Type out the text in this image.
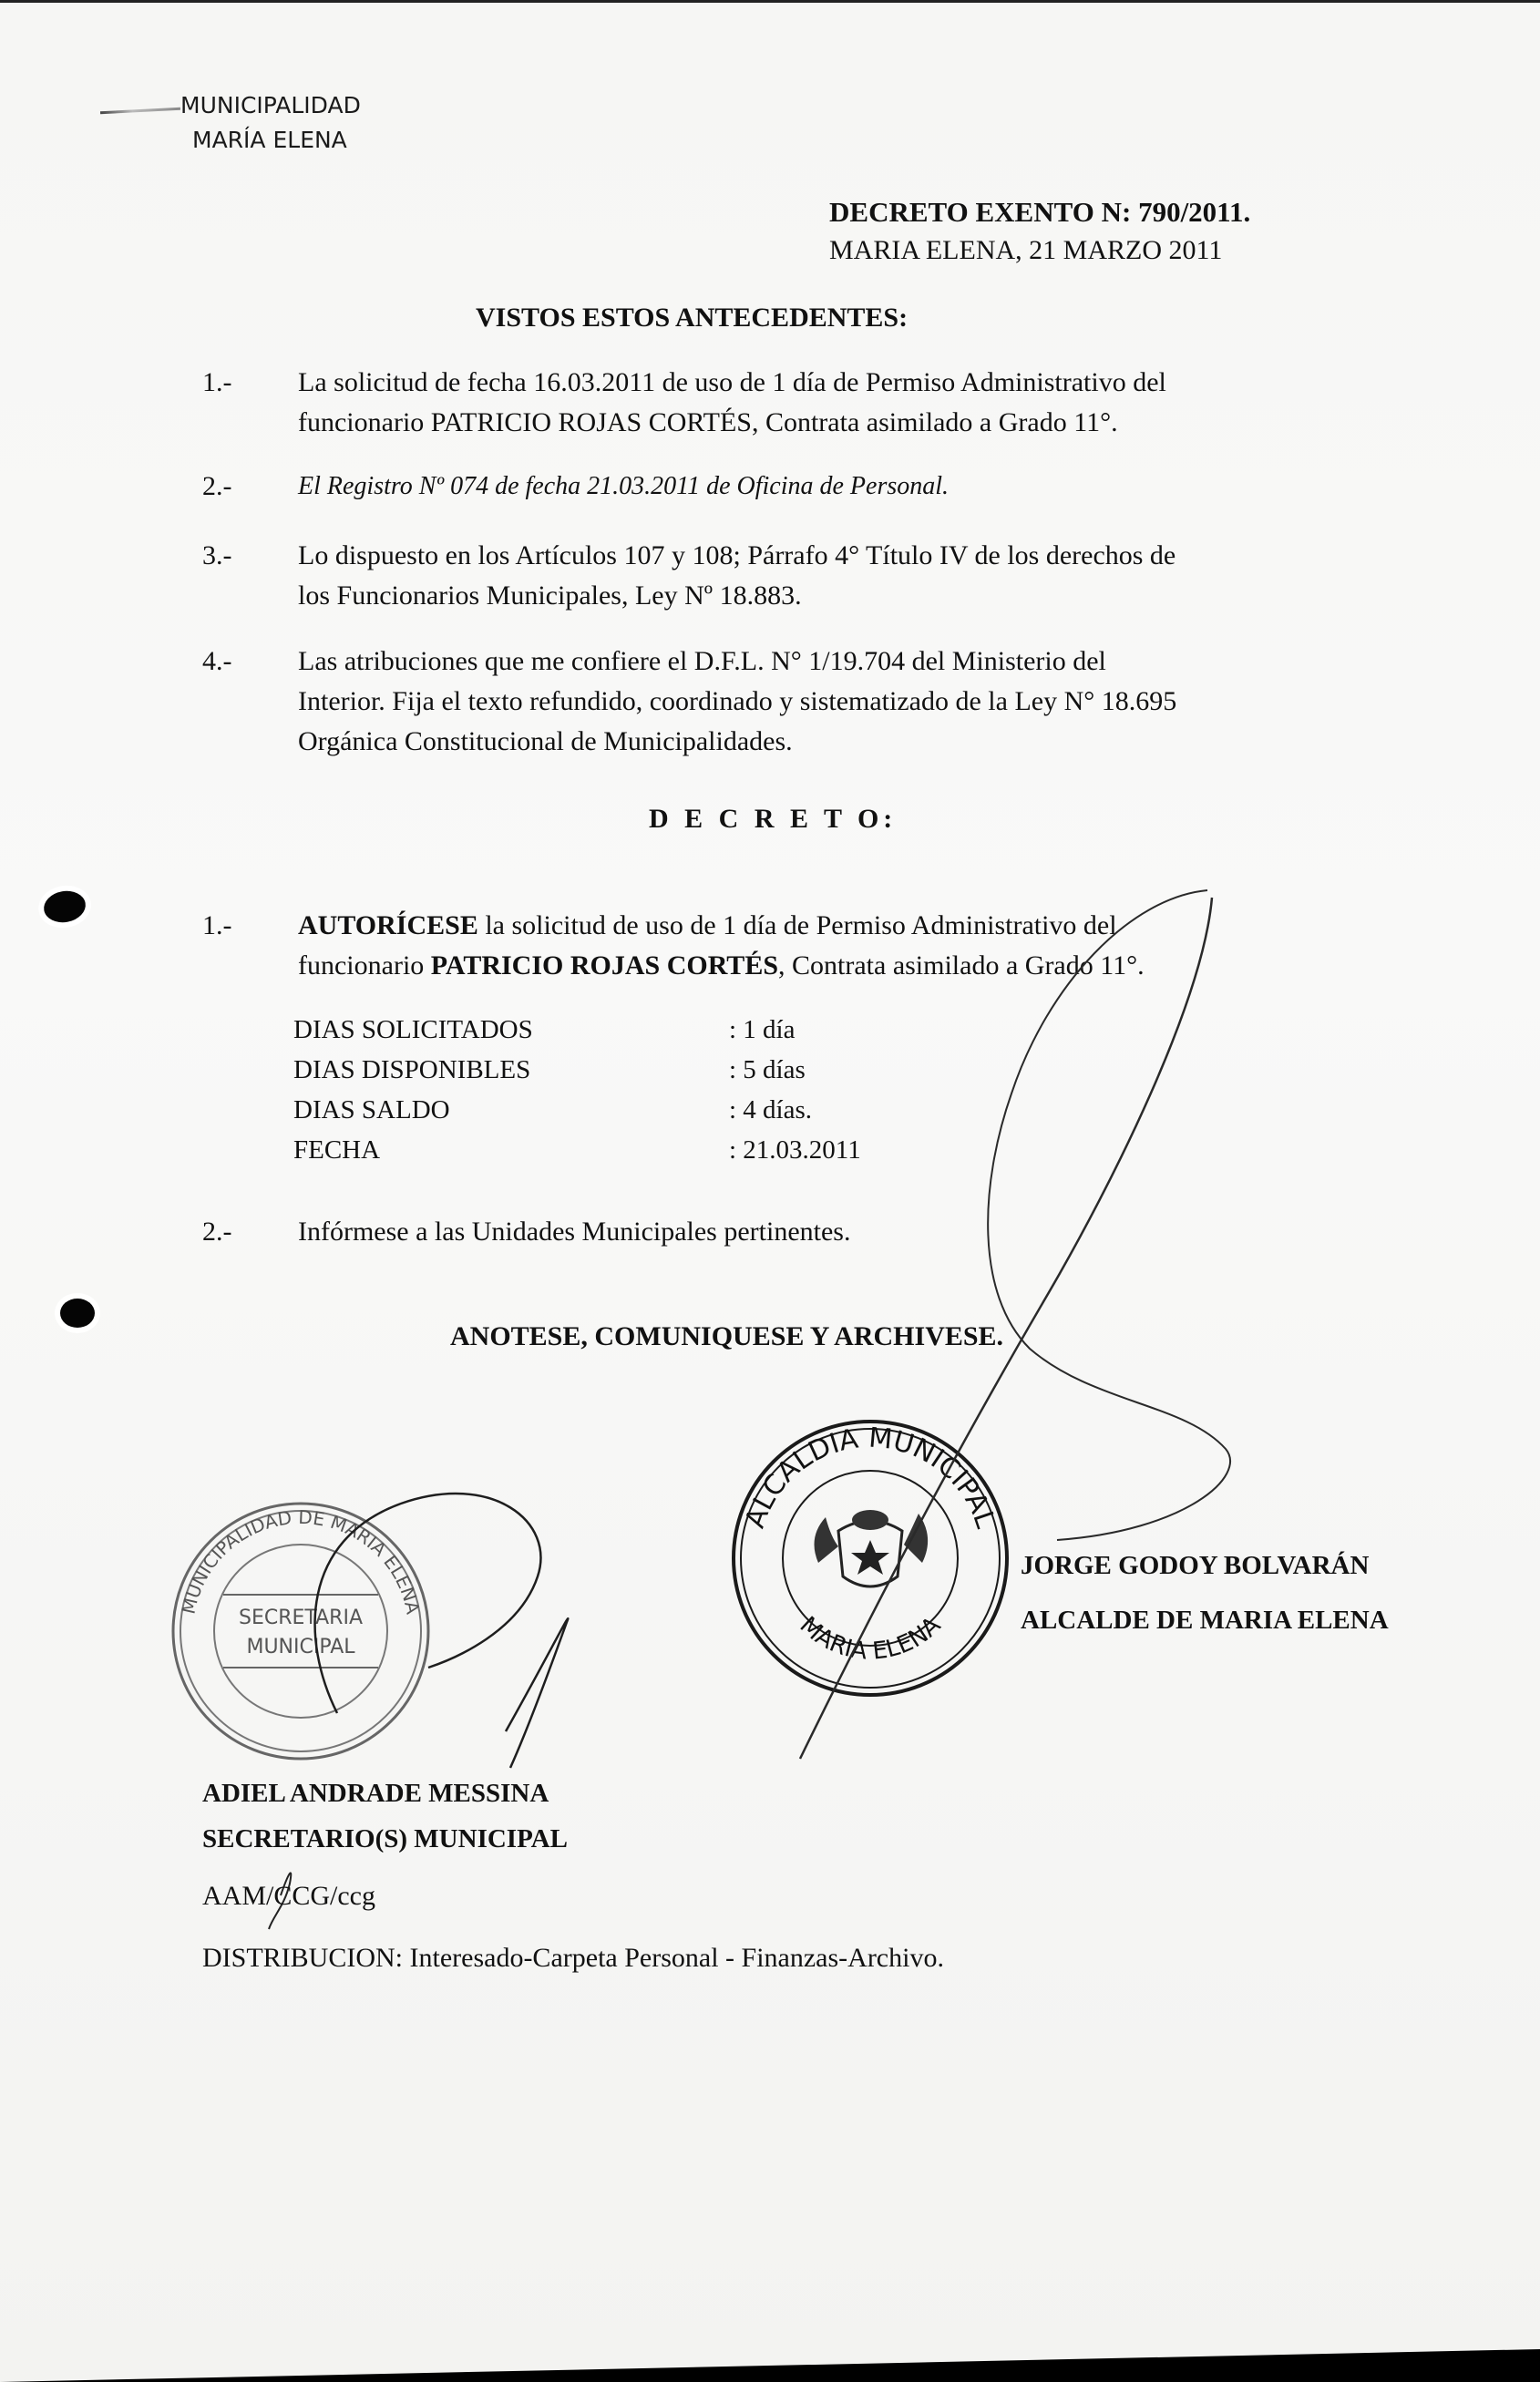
MUNICIPALIDAD
MARÍA ELENA
DECRETO EXENTO N: 790/2011.
MARIA ELENA, 21 MARZO 2011
VISTOS ESTOS ANTECEDENTES:
1.- La solicitud de fecha 16.03.2011 de uso de 1 día de Permiso Administrativo del
funcionario PATRICIO ROJAS CORTÉS, Contrata asimilado a Grado 11°.
2.-	El Registro Nº 074 de fecha 21.03.2011 de Oficina de Personal.
3.- Lo dispuesto en los Artículos 107 y 108; Párrafo 4° Título IV de los derechos de
los Funcionarios Municipales, Ley Nº 18.883.
4.- Las atribuciones que me confiere el D.F.L. N° 1/19.704 del Ministerio del
Interior. Fija el texto refundido, coordinado y sistematizado de la Ley N° 18.695
Orgánica Constitucional de Municipalidades.
D E C R E T O:
1.- AUTORÍCESE la solicitud de uso de 1 día de Permiso Administrativo del
funcionario PATRICIO ROJAS CORTÉS, Contrata asimilado a Grado 11°.
DIAS SOLICITADOS	: 1 día
DIAS DISPONIBLES	: 5 días
DIAS SALDO	: 4 días.
FECHA	: 21.03.2011
2.- Infórmese a las Unidades Municipales pertinentes.
ANOTESE, COMUNIQUESE Y ARCHIVESE.
ALCALDIA MUNICIPAL
MARIA ELENA
MUNICIPALIDAD DE MARIA ELENA
SECRETARIA
MUNICIPAL
JORGE GODOY BOLVARÁN
ALCALDE DE MARIA ELENA
ADIEL ANDRADE MESSINA
SECRETARIO(S) MUNICIPAL
AAM/CCG/ccg
DISTRIBUCION: Interesado-Carpeta Personal - Finanzas-Archivo.
